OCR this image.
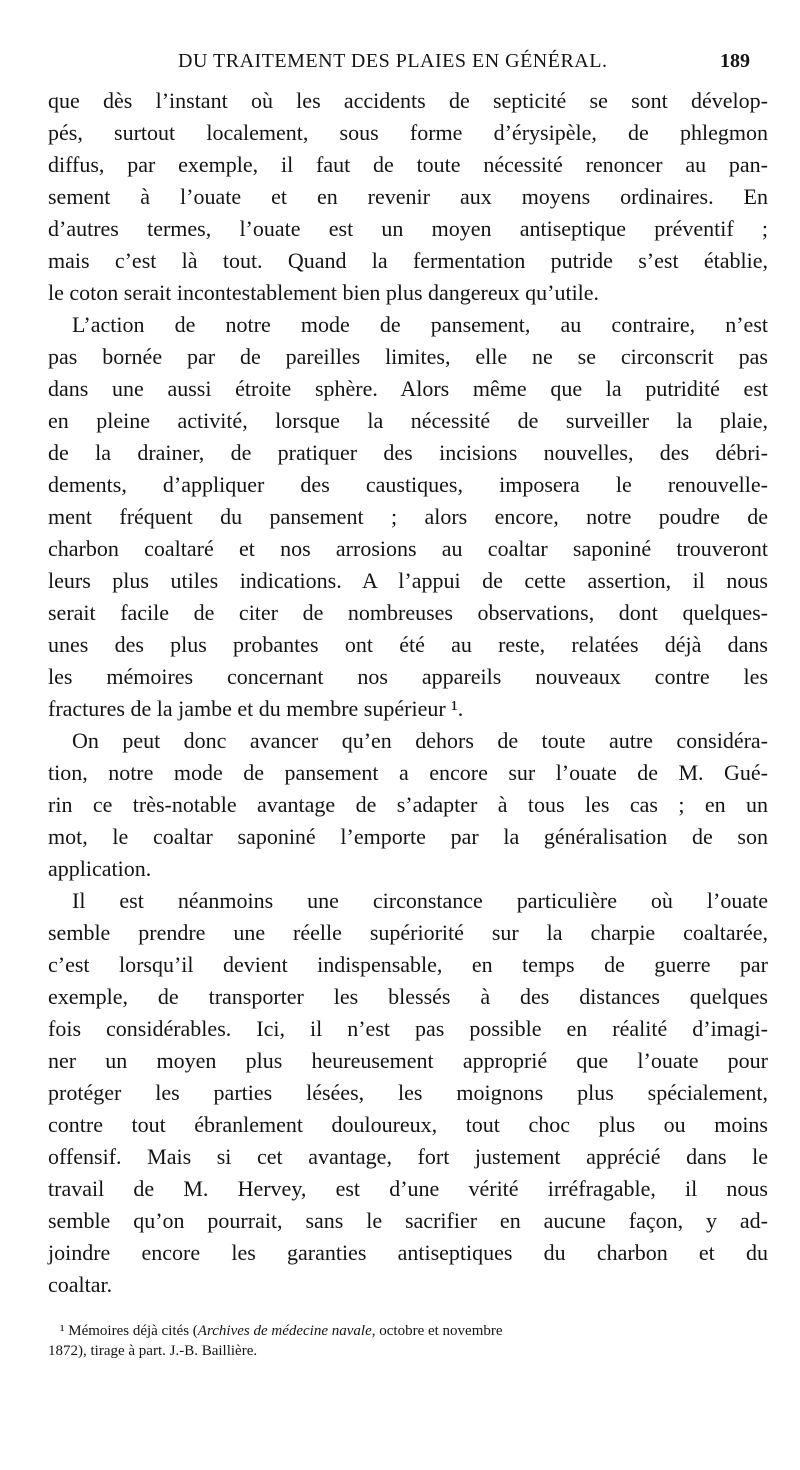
DU TRAITEMENT DES PLAIES EN GÉNÉRAL.	189
que dès l’instant où les accidents de septicité se sont dévelop-
pés, surtout localement, sous forme d’érysipèle, de phlegmon
diffus, par exemple, il faut de toute nécessité renoncer au pan-
sement à l’ouate et en revenir aux moyens ordinaires. En
d’autres termes, l’ouate est un moyen antiseptique préventif ;
mais c’est là tout. Quand la fermentation putride s’est établie,
le coton serait incontestablement bien plus dangereux qu’utile.
L’action de notre mode de pansement, au contraire, n’est
pas bornée par de pareilles limites, elle ne se circonscrit pas
dans une aussi étroite sphère. Alors même que la putridité est
en pleine activité, lorsque la nécessité de surveiller la plaie,
de la drainer, de pratiquer des incisions nouvelles, des débri-
dements, d’appliquer des caustiques, imposera le renouvelle-
ment fréquent du pansement ; alors encore, notre poudre de
charbon coaltaré et nos arrosions au coaltar saponiné trouveront
leurs plus utiles indications. A l’appui de cette assertion, il nous
serait facile de citer de nombreuses observations, dont quelques-
unes des plus probantes ont été au reste, relatées déjà dans
les mémoires concernant nos appareils nouveaux contre les
fractures de la jambe et du membre supérieur ¹.
On peut donc avancer qu’en dehors de toute autre considéra-
tion, notre mode de pansement a encore sur l’ouate de M. Gué-
rin ce très-notable avantage de s’adapter à tous les cas ; en un
mot, le coaltar saponiné l’emporte par la généralisation de son
application.
Il est néanmoins une circonstance particulière où l’ouate
semble prendre une réelle supériorité sur la charpie coaltarée,
c’est lorsqu’il devient indispensable, en temps de guerre par
exemple, de transporter les blessés à des distances quelques
fois considérables. Ici, il n’est pas possible en réalité d’imagi-
ner un moyen plus heureusement approprié que l’ouate pour
protéger les parties lésées, les moignons plus spécialement,
contre tout ébranlement douloureux, tout choc plus ou moins
offensif. Mais si cet avantage, fort justement apprécié dans le
travail de M. Hervey, est d’une vérité irréfragable, il nous
semble qu’on pourrait, sans le sacrifier en aucune façon, y ad-
joindre encore les garanties antiseptiques du charbon et du
coaltar.
¹ Mémoires déjà cités (Archives de médecine navale, octobre et novembre
1872), tirage à part. J.-B. Baillière.
